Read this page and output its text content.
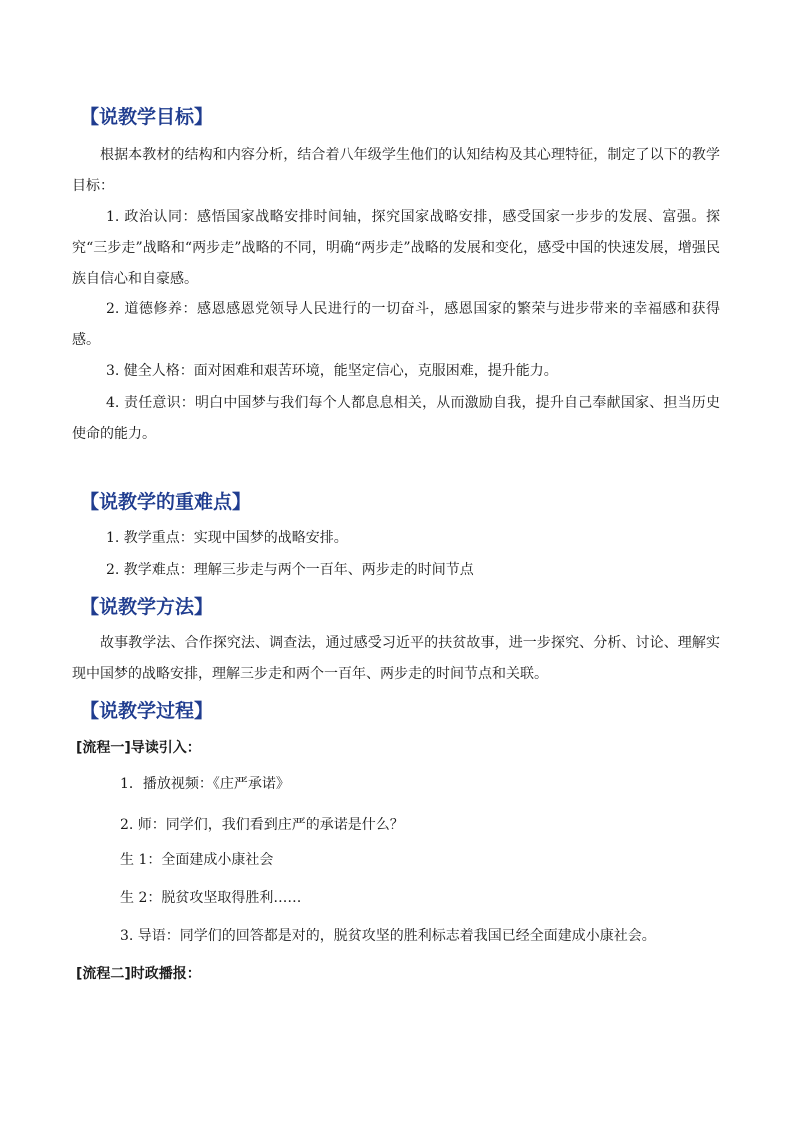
【说教学目标】
根据本教材的结构和内容分析，结合着八年级学生他们的认知结构及其心理特征，制定了以下的教学目标：
1. 政治认同：感悟国家战略安排时间轴，探究国家战略安排，感受国家一步步的发展、富强。探究“三步走”战略和“两步走”战略的不同，明确“两步走”战略的发展和变化，感受中国的快速发展，增强民族自信心和自豪感。
2. 道德修养：感恩感恩党领导人民进行的一切奋斗，感恩国家的繁荣与进步带来的幸福感和获得感。
3. 健全人格：面对困难和艰苦环境，能坚定信心，克服困难，提升能力。
4. 责任意识：明白中国梦与我们每个人都息息相关，从而激励自我，提升自己奉献国家、担当历史使命的能力。
【说教学的重难点】
1. 教学重点：实现中国梦的战略安排。
2. 教学难点：理解三步走与两个一百年、两步走的时间节点
【说教学方法】
故事教学法、合作探究法、调查法，通过感受习近平的扶贫故事，进一步探究、分析、讨论、理解实现中国梦的战略安排，理解三步走和两个一百年、两步走的时间节点和关联。
【说教学过程】
[流程一]导读引入：
1．播放视频：《庄严承诺》
2. 师：同学们，我们看到庄严的承诺是什么？
生 1：全面建成小康社会
生 2：脱贫攻坚取得胜利……
3. 导语：同学们的回答都是对的，脱贫攻坚的胜利标志着我国已经全面建成小康社会。
[流程二]时政播报：
